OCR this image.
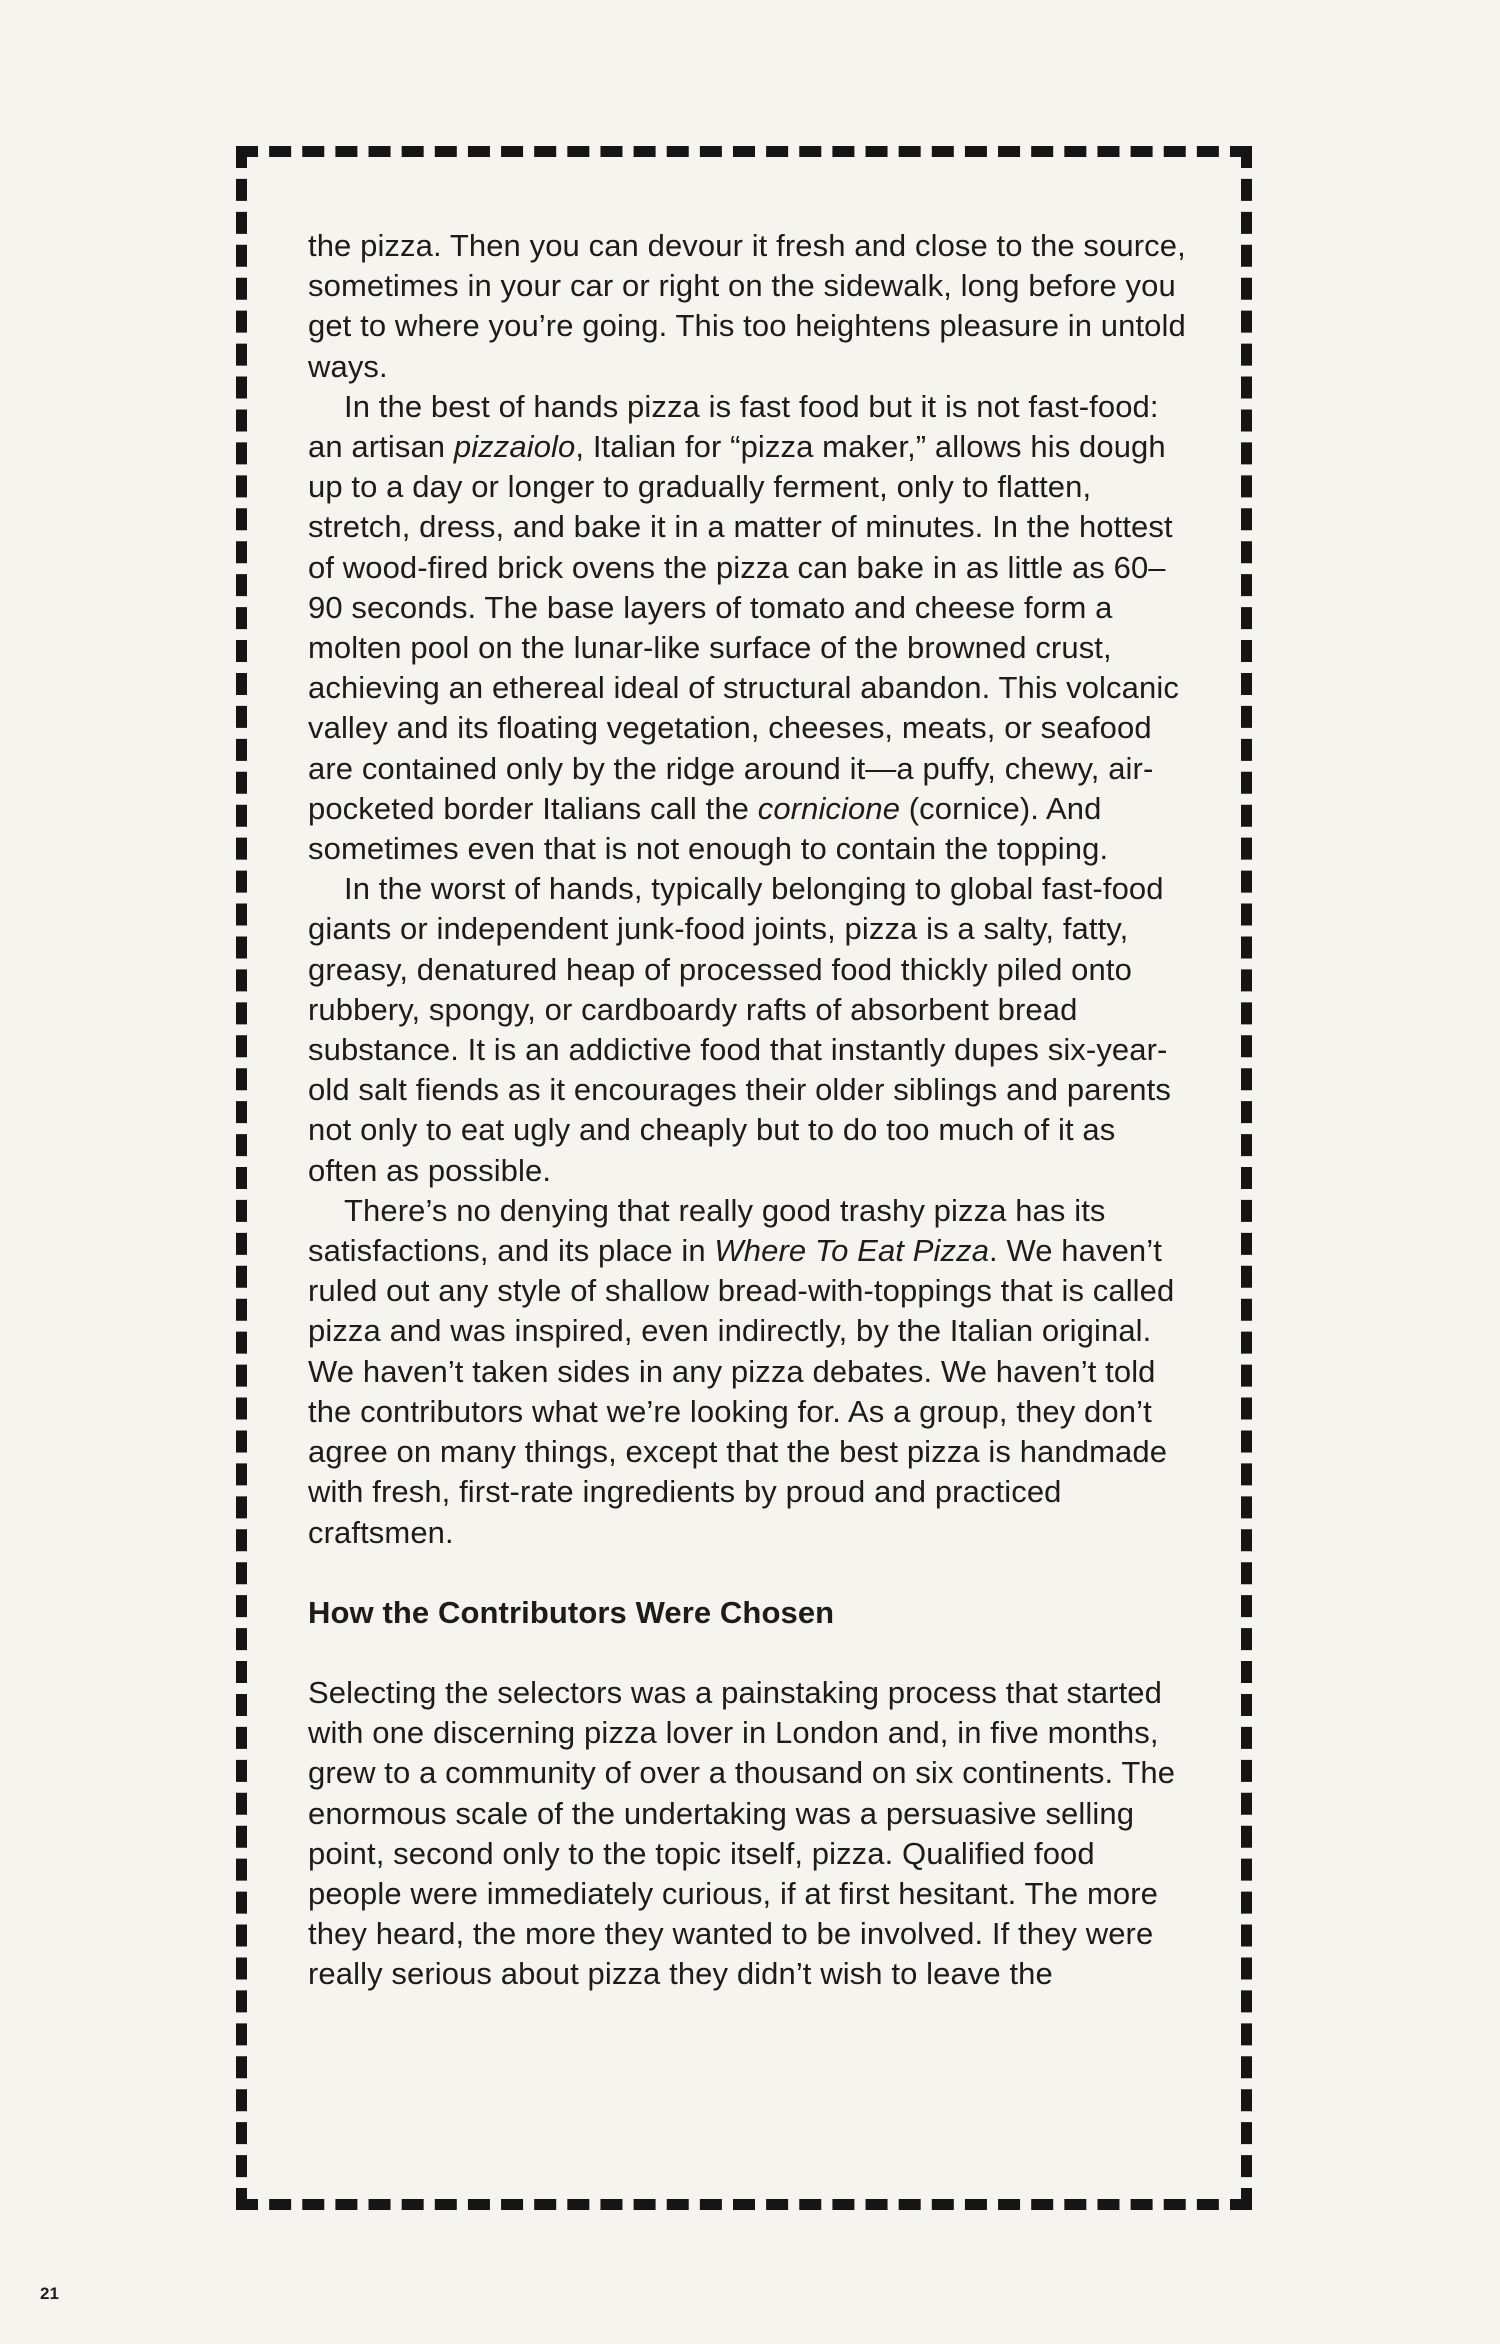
the pizza. Then you can devour it fresh and close to the source, sometimes in your car or right on the sidewalk, long before you get to where you’re going. This too heightens pleasure in untold ways.

In the best of hands pizza is fast food but it is not fast-food: an artisan pizzaiolo, Italian for “pizza maker,” allows his dough up to a day or longer to gradually ferment, only to flatten, stretch, dress, and bake it in a matter of minutes. In the hottest of wood-fired brick ovens the pizza can bake in as little as 60–90 seconds. The base layers of tomato and cheese form a molten pool on the lunar-like surface of the browned crust, achieving an ethereal ideal of structural abandon. This volcanic valley and its floating vegetation, cheeses, meats, or seafood are contained only by the ridge around it—a puffy, chewy, air-pocketed border Italians call the cornicione (cornice). And sometimes even that is not enough to contain the topping.

In the worst of hands, typically belonging to global fast-food giants or independent junk-food joints, pizza is a salty, fatty, greasy, denatured heap of processed food thickly piled onto rubbery, spongy, or cardboardy rafts of absorbent bread substance. It is an addictive food that instantly dupes six-year-old salt fiends as it encourages their older siblings and parents not only to eat ugly and cheaply but to do too much of it as often as possible.

There’s no denying that really good trashy pizza has its satisfactions, and its place in Where To Eat Pizza. We haven’t ruled out any style of shallow bread-with-toppings that is called pizza and was inspired, even indirectly, by the Italian original. We haven’t taken sides in any pizza debates. We haven’t told the contributors what we’re looking for. As a group, they don’t agree on many things, except that the best pizza is handmade with fresh, first-rate ingredients by proud and practiced craftsmen.

How the Contributors Were Chosen

Selecting the selectors was a painstaking process that started with one discerning pizza lover in London and, in five months, grew to a community of over a thousand on six continents. The enormous scale of the undertaking was a persuasive selling point, second only to the topic itself, pizza. Qualified food people were immediately curious, if at first hesitant. The more they heard, the more they wanted to be involved. If they were really serious about pizza they didn’t wish to leave the

21
